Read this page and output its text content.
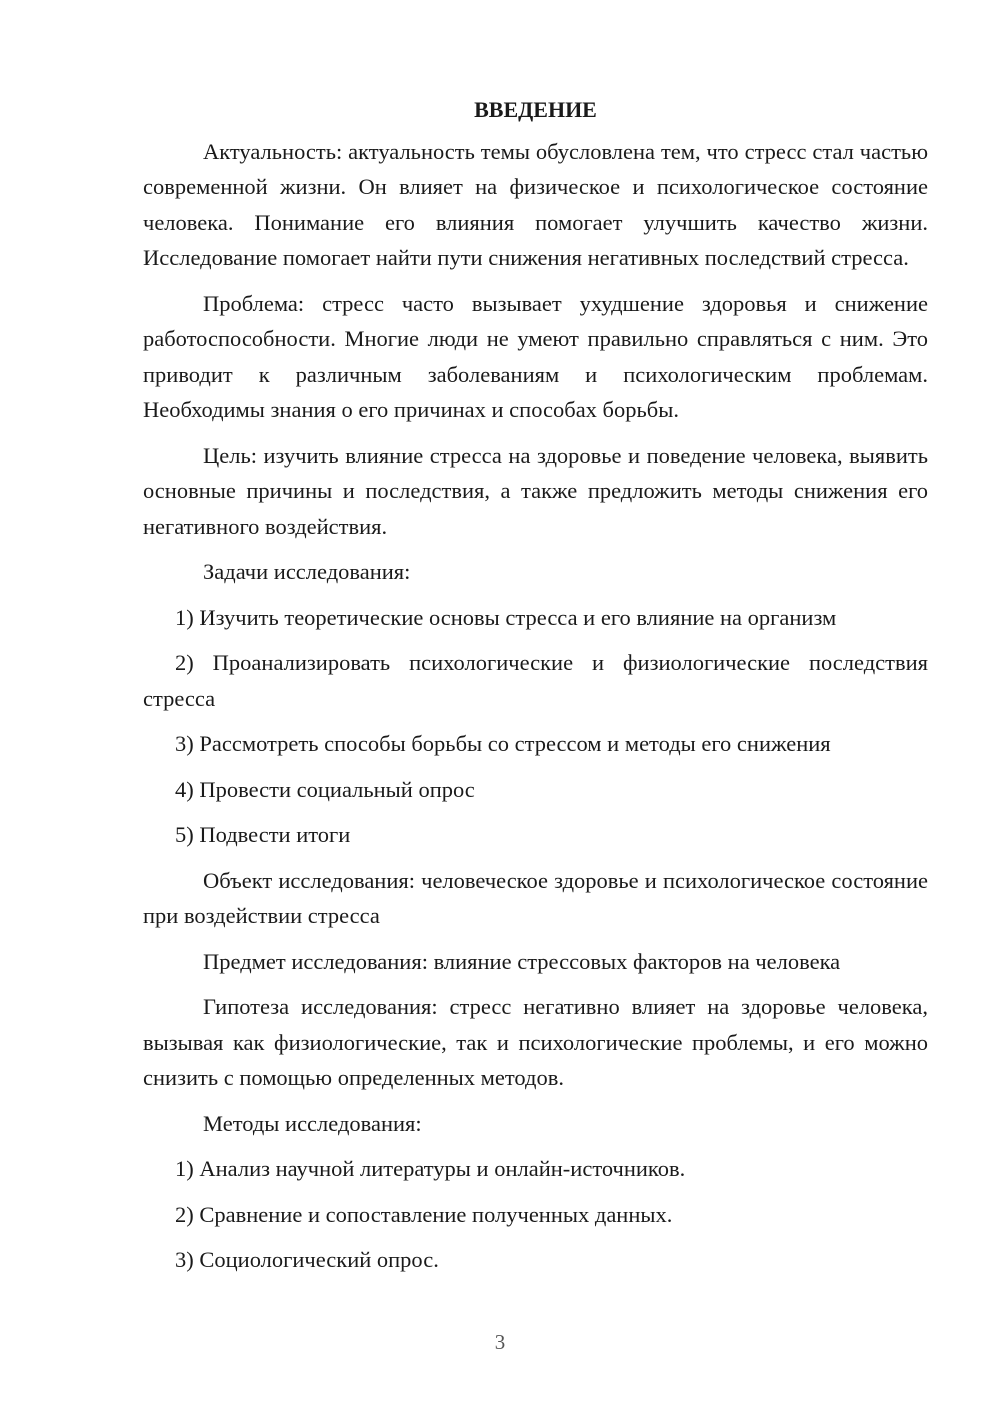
ВВЕДЕНИЕ

Актуальность: актуальность темы обусловлена тем, что стресс стал частью современной жизни. Он влияет на физическое и психологическое состояние человека. Понимание его влияния помогает улучшить качество жизни. Исследование помогает найти пути снижения негативных последствий стресса.

Проблема: стресс часто вызывает ухудшение здоровья и снижение работоспособности. Многие люди не умеют правильно справляться с ним. Это приводит к различным заболеваниям и психологическим проблемам. Необходимы знания о его причинах и способах борьбы.

Цель: изучить влияние стресса на здоровье и поведение человека, выявить основные причины и последствия, а также предложить методы снижения его негативного воздействия.

Задачи исследования:

1) Изучить теоретические основы стресса и его влияние на организм

2) Проанализировать психологические и физиологические последствия стресса

3) Рассмотреть способы борьбы со стрессом и методы его снижения

4) Провести социальный опрос

5) Подвести итоги

Объект исследования: человеческое здоровье и психологическое состояние при воздействии стресса

Предмет исследования: влияние стрессовых факторов на человека

Гипотеза исследования: стресс негативно влияет на здоровье человека, вызывая как физиологические, так и психологические проблемы, и его можно снизить с помощью определенных методов.

Методы исследования:

1) Анализ научной литературы и онлайн-источников.

2) Сравнение и сопоставление полученных данных.

3) Социологический опрос.

3
